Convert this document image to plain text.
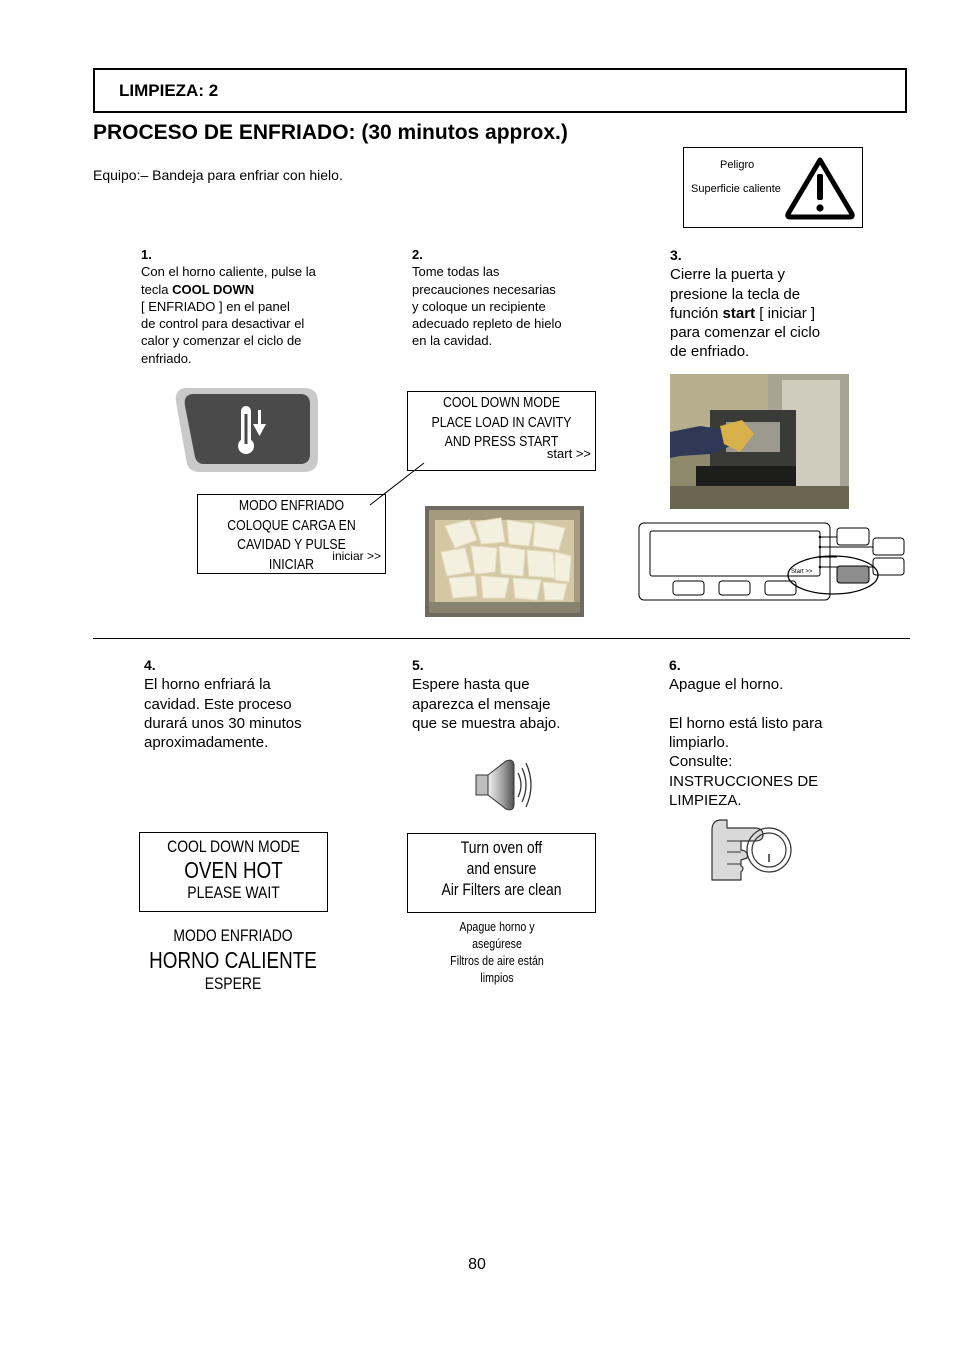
LIMPIEZA: 2
PROCESO DE ENFRIADO: (30 minutos approx.)
Equipo:– Bandeja para enfriar con hielo.
Peligro
Superficie caliente
1.
Con el horno caliente, pulse la
tecla COOL DOWN
[ ENFRIADO ] en el panel
de control para desactivar el
calor y comenzar el ciclo de
enfriado.
2.
Tome todas las
precauciones necesarias
y coloque un recipiente
adecuado repleto de hielo
en la cavidad.
3.
Cierre la puerta y
presione la tecla de
función start [ iniciar ]
para comenzar el ciclo
de enfriado.
COOL DOWN MODE
PLACE LOAD IN CAVITY
AND PRESS START
start >>
MODO ENFRIADO
COLOQUE CARGA EN
CAVIDAD Y PULSE INICIAR	iniciar >>
Start >>
4.
El horno enfriará la
cavidad. Este proceso
durará unos 30 minutos
aproximadamente.
5.
Espere hasta que
aparezca el mensaje
que se muestra abajo.
6.
Apague el horno.
El horno está listo para
limpiarlo.
Consulte:
INSTRUCCIONES DE
LIMPIEZA.
COOL DOWN MODE
OVEN HOT
PLEASE WAIT
MODO ENFRIADO
HORNO CALIENTE
ESPERE
Turn oven off
and ensure
Air Filters are clean
Apague horno y
asegúrese
Filtros de aire están
limpios
80
